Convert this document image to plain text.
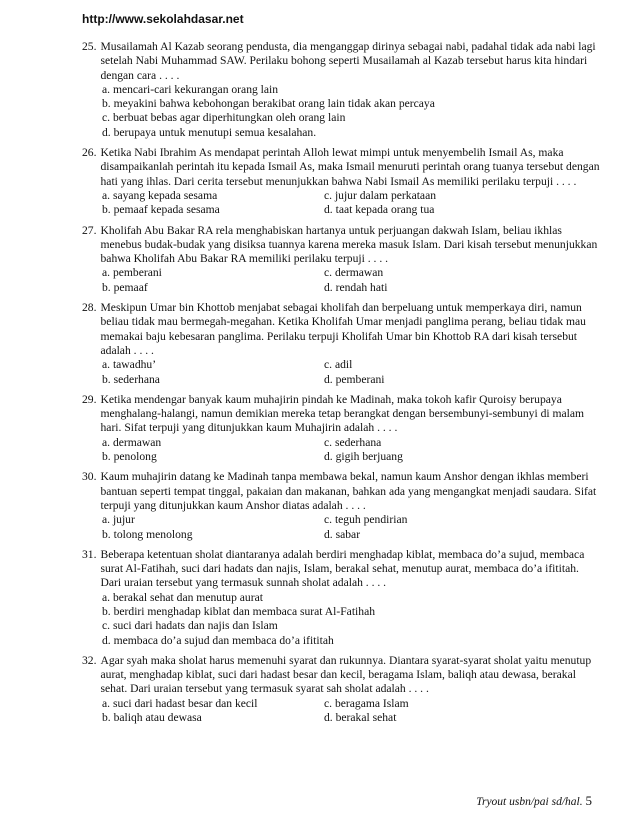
http://www.sekolahdasar.net
25. Musailamah Al Kazab seorang pendusta, dia menganggap dirinya sebagai nabi, padahal tidak ada nabi lagi setelah Nabi Muhammad SAW. Perilaku bohong seperti Musailamah al Kazab tersebut harus kita hindari dengan cara . . . .
a. mencari-cari kekurangan orang lain
b. meyakini bahwa kebohongan berakibat orang lain tidak akan percaya
c. berbuat bebas agar diperhitungkan oleh orang lain
d. berupaya untuk menutupi semua kesalahan.
26. Ketika Nabi Ibrahim As mendapat perintah Alloh lewat mimpi untuk menyembelih Ismail As, maka disampaikanlah perintah itu kepada Ismail As, maka Ismail menuruti perintah orang tuanya tersebut dengan hati yang ihlas. Dari cerita tersebut menunjukkan bahwa Nabi Ismail As memiliki perilaku terpuji . . . .
a. sayang kepada sesama	c. jujur dalam perkataan
b. pemaaf kepada sesama	d. taat kepada orang tua
27. Kholifah Abu Bakar RA rela menghabiskan hartanya untuk perjuangan dakwah Islam, beliau ikhlas menebus budak-budak yang disiksa tuannya karena mereka masuk Islam. Dari kisah tersebut menunjukkan bahwa Kholifah Abu Bakar RA memiliki perilaku terpuji . . . .
a. pemberani	c. dermawan
b. pemaaf	d. rendah hati
28. Meskipun Umar bin Khottob menjabat sebagai kholifah dan berpeluang untuk memperkaya diri, namun beliau tidak mau bermegah-megahan. Ketika Kholifah Umar menjadi panglima perang, beliau tidak mau memakai baju kebesaran panglima. Perilaku terpuji Kholifah Umar bin Khottob RA dari kisah tersebut adalah . . . .
a. tawadhu’	c. adil
b. sederhana	d. pemberani
29. Ketika mendengar banyak kaum muhajirin pindah ke Madinah, maka tokoh kafir Quroisy berupaya menghalang-halangi, namun demikian mereka tetap berangkat dengan bersembunyi-sembunyi di malam hari. Sifat terpuji yang ditunjukkan kaum Muhajirin adalah . . . .
a. dermawan	c. sederhana
b. penolong	d. gigih berjuang
30. Kaum muhajirin datang ke Madinah tanpa membawa bekal, namun kaum Anshor dengan ikhlas memberi bantuan seperti tempat tinggal, pakaian dan makanan, bahkan ada yang mengangkat menjadi saudara. Sifat terpuji yang ditunjukkan kaum Anshor diatas adalah . . . .
a. jujur	c. teguh pendirian
b. tolong menolong	d. sabar
31. Beberapa ketentuan sholat diantaranya adalah berdiri menghadap kiblat, membaca do’a sujud, membaca surat Al-Fatihah, suci dari hadats dan najis, Islam, berakal sehat, menutup aurat, membaca do’a ifititah. Dari uraian tersebut yang termasuk sunnah sholat adalah . . . .
a. berakal sehat dan menutup aurat
b. berdiri menghadap kiblat dan membaca surat Al-Fatihah
c. suci dari hadats dan najis dan Islam
d. membaca do’a sujud dan membaca do’a ifititah
32. Agar syah maka sholat harus memenuhi syarat dan rukunnya. Diantara syarat-syarat sholat yaitu menutup aurat, menghadap kiblat, suci dari hadast besar dan kecil, beragama Islam, baliqh atau dewasa, berakal sehat. Dari uraian tersebut yang termasuk syarat sah sholat adalah . . . .
a. suci dari hadast besar dan kecil	c. beragama Islam
b. baliqh atau dewasa	d. berakal sehat
Tryout usbn/pai sd/hal. 5
